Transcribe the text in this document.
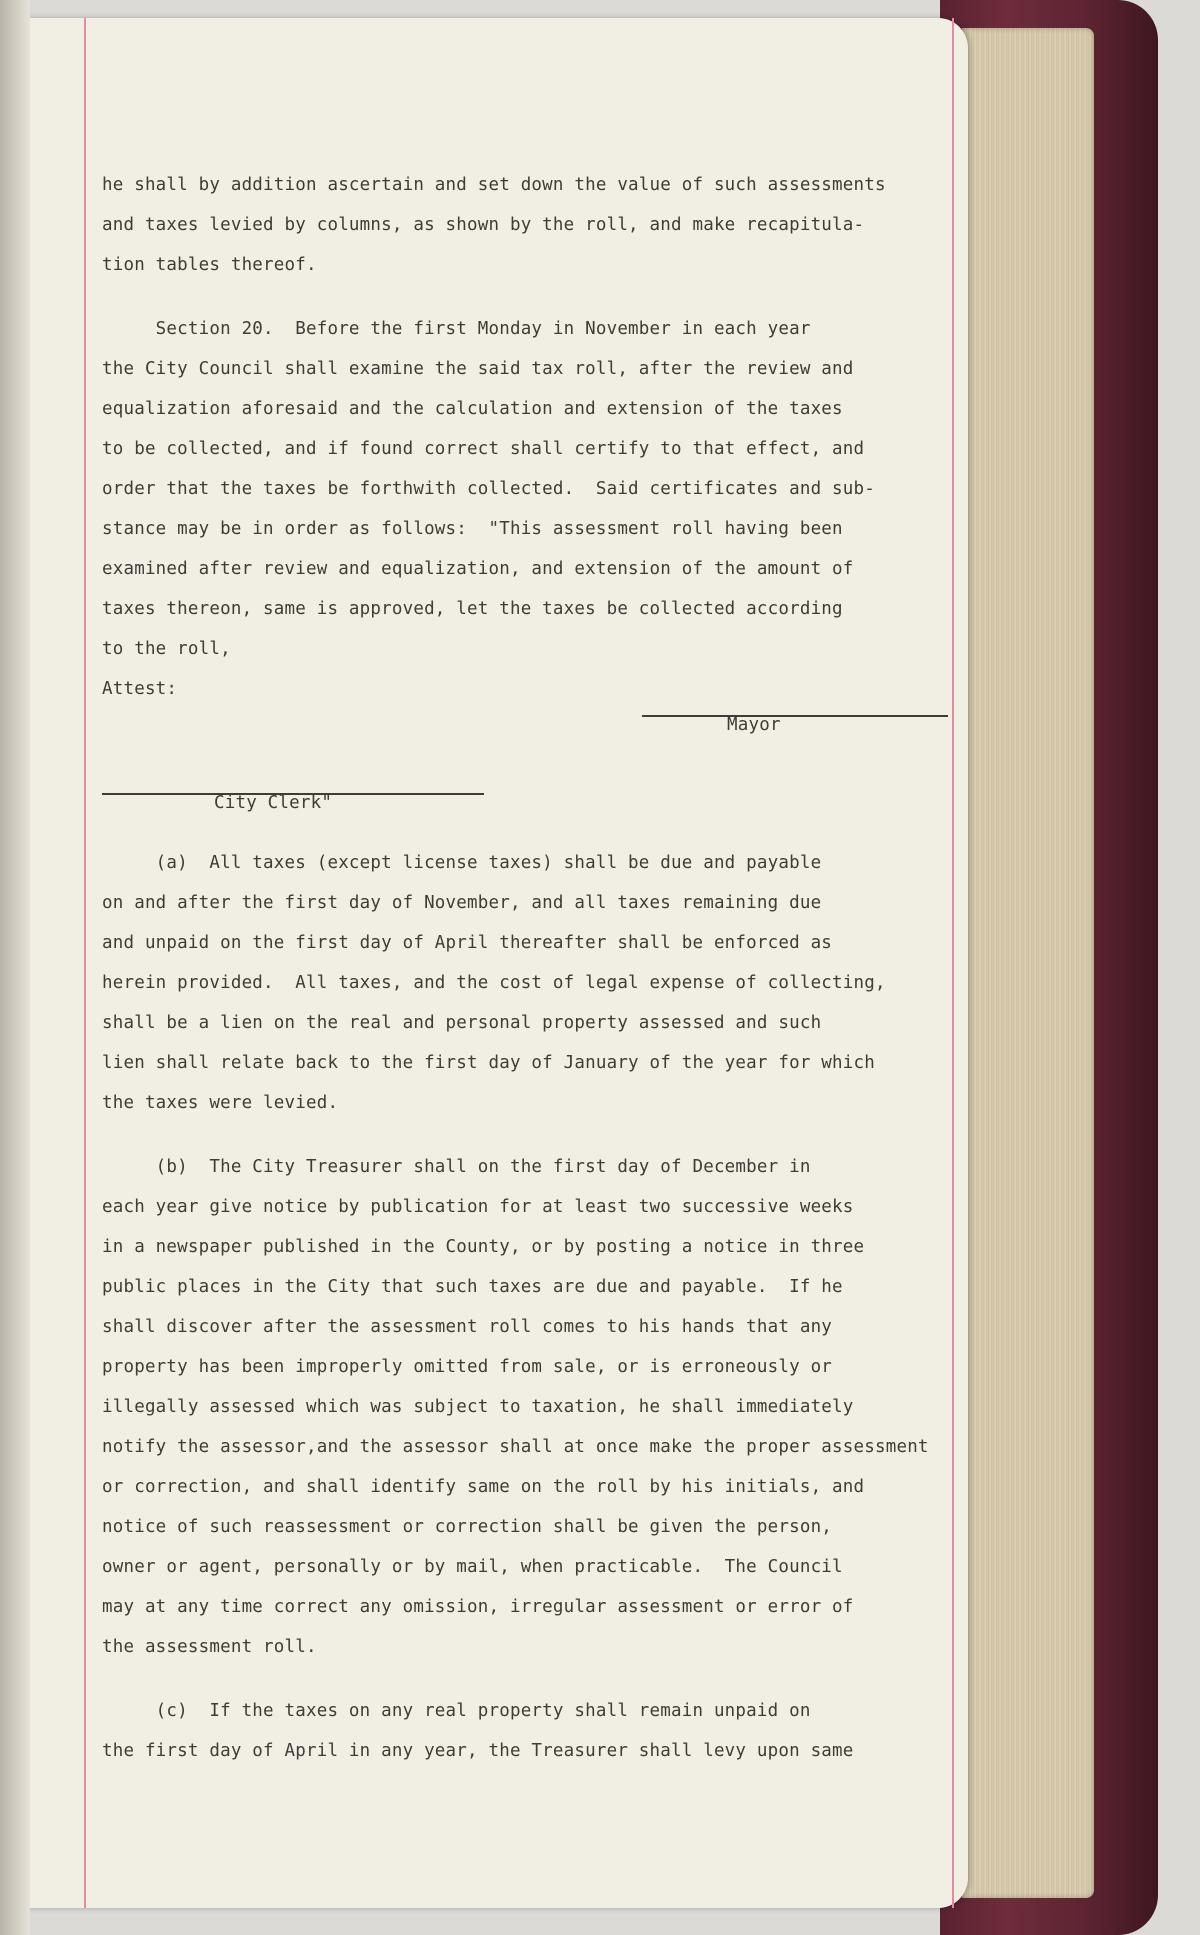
he shall by addition ascertain and set down the value of such assessments
and taxes levied by columns, as shown by the roll, and make recapitula-
tion tables thereof.
Section 20.  Before the first Monday in November in each year
the City Council shall examine the said tax roll, after the review and
equalization aforesaid and the calculation and extension of the taxes
to be collected, and if found correct shall certify to that effect, and
order that the taxes be forthwith collected.  Said certificates and sub-
stance may be in order as follows:  "This assessment roll having been
examined after review and equalization, and extension of the amount of
taxes thereon, same is approved, let the taxes be collected according
to the roll,
Attest:
Mayor
City Clerk"
(a)  All taxes (except license taxes) shall be due and payable
on and after the first day of November, and all taxes remaining due
and unpaid on the first day of April thereafter shall be enforced as
herein provided.  All taxes, and the cost of legal expense of collecting,
shall be a lien on the real and personal property assessed and such
lien shall relate back to the first day of January of the year for which
the taxes were levied.
(b)  The City Treasurer shall on the first day of December in
each year give notice by publication for at least two successive weeks
in a newspaper published in the County, or by posting a notice in three
public places in the City that such taxes are due and payable.  If he
shall discover after the assessment roll comes to his hands that any
property has been improperly omitted from sale, or is erroneously or
illegally assessed which was subject to taxation, he shall immediately
notify the assessor,and the assessor shall at once make the proper assessment
or correction, and shall identify same on the roll by his initials, and
notice of such reassessment or correction shall be given the person,
owner or agent, personally or by mail, when practicable.  The Council
may at any time correct any omission, irregular assessment or error of
the assessment roll.
(c)  If the taxes on any real property shall remain unpaid on
the first day of April in any year, the Treasurer shall levy upon same
